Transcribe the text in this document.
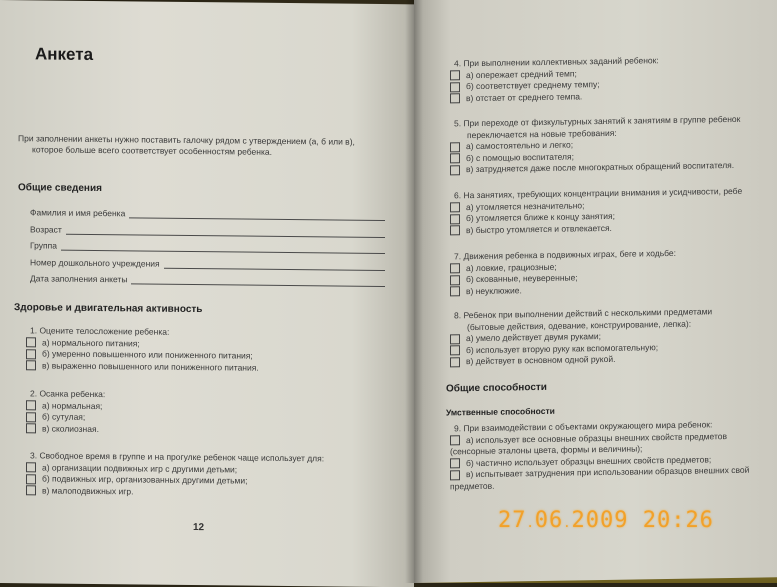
Анкета
При заполнении анкеты нужно поставить галочку рядом с утверждением (а, б или в),
которое больше всего соответствует особенностям ребенка.
Общие сведения
Фамилия и имя ребенка
Возраст
Группа
Номер дошкольного учреждения
Дата заполнения анкеты
Здоровье и двигательная активность
1. Оцените телосложение ребенка:
а) нормального питания;
б) умеренно повышенного или пониженного питания;
в) выраженно повышенного или пониженного питания.
2. Осанка ребенка:
а) нормальная;
б) сутулая;
в) сколиозная.
3. Свободное время в группе и на прогулке ребенок чаще использует для:
а) организации подвижных игр с другими детьми;
б) подвижных игр, организованных другими детьми;
в) малоподвижных игр.
12
4. При выполнении коллективных заданий ребенок:
а) опережает средний темп;
б) соответствует среднему темпу;
в) отстает от среднего темпа.
5. При переходе от физкультурных занятий к занятиям в группе ребенок
переключается на новые требования:
а) самостоятельно и легко;
б) с помощью воспитателя;
в) затрудняется даже после многократных обращений воспитателя.
6. На занятиях, требующих концентрации внимания и усидчивости, ребе
а) утомляется незначительно;
б) утомляется ближе к концу занятия;
в) быстро утомляется и отвлекается.
7. Движения ребенка в подвижных играх, беге и ходьбе:
а) ловкие, грациозные;
б) скованные, неуверенные;
в) неуклюжие.
8. Ребенок при выполнении действий с несколькими предметами
(бытовые действия, одевание, конструирование, лепка):
а) умело действует двумя руками;
б) использует вторую руку как вспомогательную;
в) действует в основном одной рукой.
Общие способности
Умственные способности
9. При взаимодействии с объектами окружающего мира ребенок:
а) использует все основные образцы внешних свойств предметов
(сенсорные эталоны цвета, формы и величины);
б) частично использует образцы внешних свойств предметов;
в) испытывает затруднения при использовании образцов внешних свой
предметов.
27.06.2009 20:26
